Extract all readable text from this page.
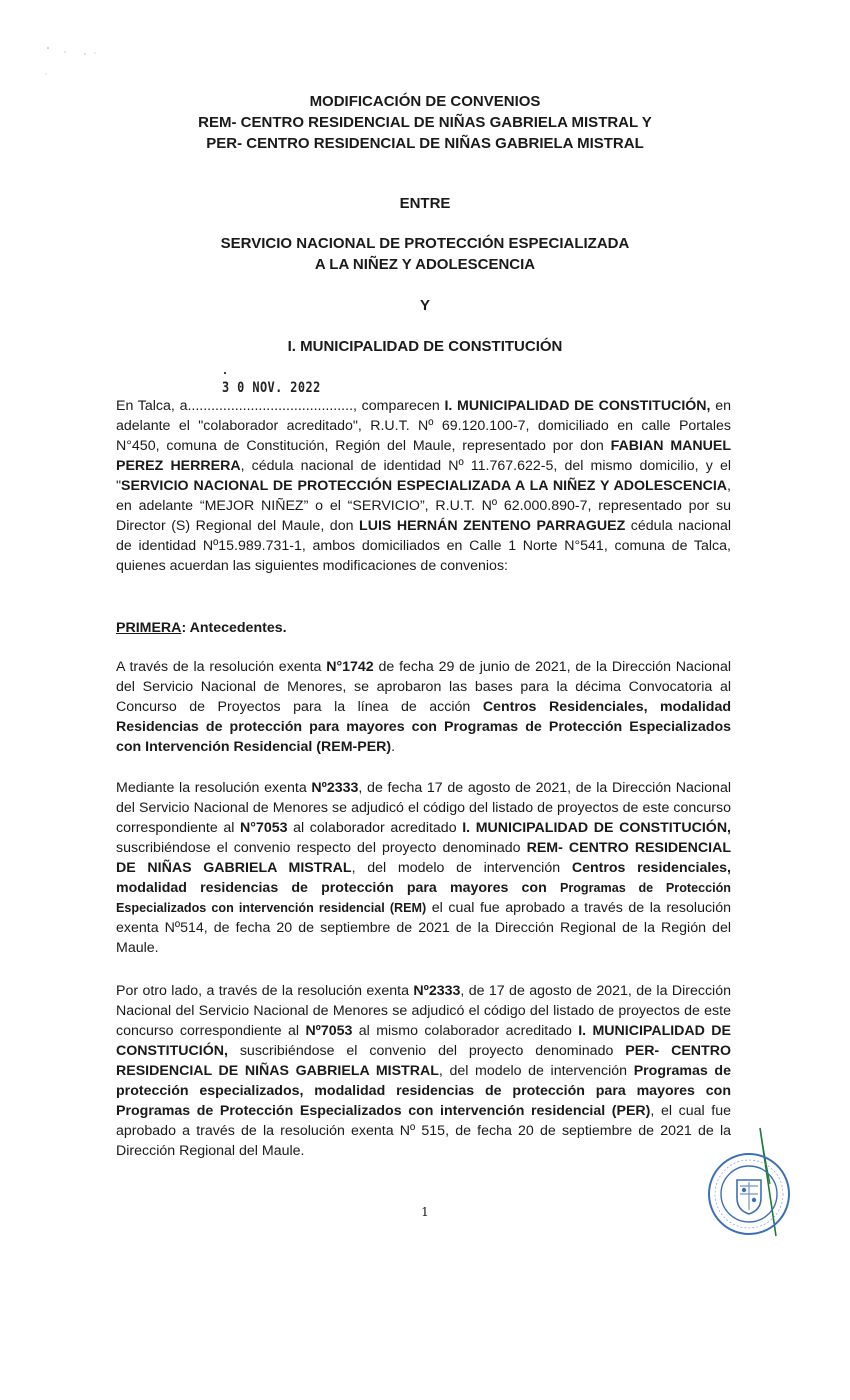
MODIFICACIÓN DE CONVENIOS
REM- CENTRO RESIDENCIAL DE NIÑAS GABRIELA MISTRAL Y
PER- CENTRO RESIDENCIAL DE NIÑAS GABRIELA MISTRAL
ENTRE
SERVICIO NACIONAL DE PROTECCIÓN ESPECIALIZADA
A LA NIÑEZ Y ADOLESCENCIA
Y
I. MUNICIPALIDAD DE CONSTITUCIÓN
3 0 NOV. 2022

En Talca, a.........................................., comparecen I. MUNICIPALIDAD DE CONSTITUCIÓN, en adelante el "colaborador acreditado", R.U.T. Nº 69.120.100-7, domiciliado en calle Portales N°450, comuna de Constitución, Región del Maule, representado por don FABIAN MANUEL PEREZ HERRERA, cédula nacional de identidad Nº 11.767.622-5, del mismo domicilio, y el "SERVICIO NACIONAL DE PROTECCIÓN ESPECIALIZADA A LA NIÑEZ Y ADOLESCENCIA, en adelante “MEJOR NIÑEZ” o el “SERVICIO”, R.U.T. Nº 62.000.890-7, representado por su Director (S) Regional del Maule, don LUIS HERNÁN ZENTENO PARRAGUEZ cédula nacional de identidad Nº15.989.731-1, ambos domiciliados en Calle 1 Norte N°541, comuna de Talca, quienes acuerdan las siguientes modificaciones de convenios:

PRIMERA: Antecedentes.

A través de la resolución exenta N°1742 de fecha 29 de junio de 2021, de la Dirección Nacional del Servicio Nacional de Menores, se aprobaron las bases para la décima Convocatoria al Concurso de Proyectos para la línea de acción Centros Residenciales, modalidad Residencias de protección para mayores con Programas de Protección Especializados con Intervención Residencial (REM-PER).

Mediante la resolución exenta Nº2333, de fecha 17 de agosto de 2021, de la Dirección Nacional del Servicio Nacional de Menores se adjudicó el código del listado de proyectos de este concurso correspondiente al N°7053 al colaborador acreditado I. MUNICIPALIDAD DE CONSTITUCIÓN, suscribiéndose el convenio respecto del proyecto denominado REM- CENTRO RESIDENCIAL DE NIÑAS GABRIELA MISTRAL, del modelo de intervención Centros residenciales, modalidad residencias de protección para mayores con Programas de Protección Especializados con intervención residencial (REM) el cual fue aprobado a través de la resolución exenta Nº514, de fecha 20 de septiembre de 2021 de la Dirección Regional de la Región del Maule.

Por otro lado, a través de la resolución exenta Nº2333, de 17 de agosto de 2021, de la Dirección Nacional del Servicio Nacional de Menores se adjudicó el código del listado de proyectos de este concurso correspondiente al Nº7053 al mismo colaborador acreditado I. MUNICIPALIDAD DE CONSTITUCIÓN, suscribiéndose el convenio del proyecto denominado PER- CENTRO RESIDENCIAL DE NIÑAS GABRIELA MISTRAL, del modelo de intervención Programas de protección especializados, modalidad residencias de protección para mayores con Programas de Protección Especializados con intervención residencial (PER), el cual fue aprobado a través de la resolución exenta Nº 515, de fecha 20 de septiembre de 2021 de la Dirección Regional del Maule.

1
